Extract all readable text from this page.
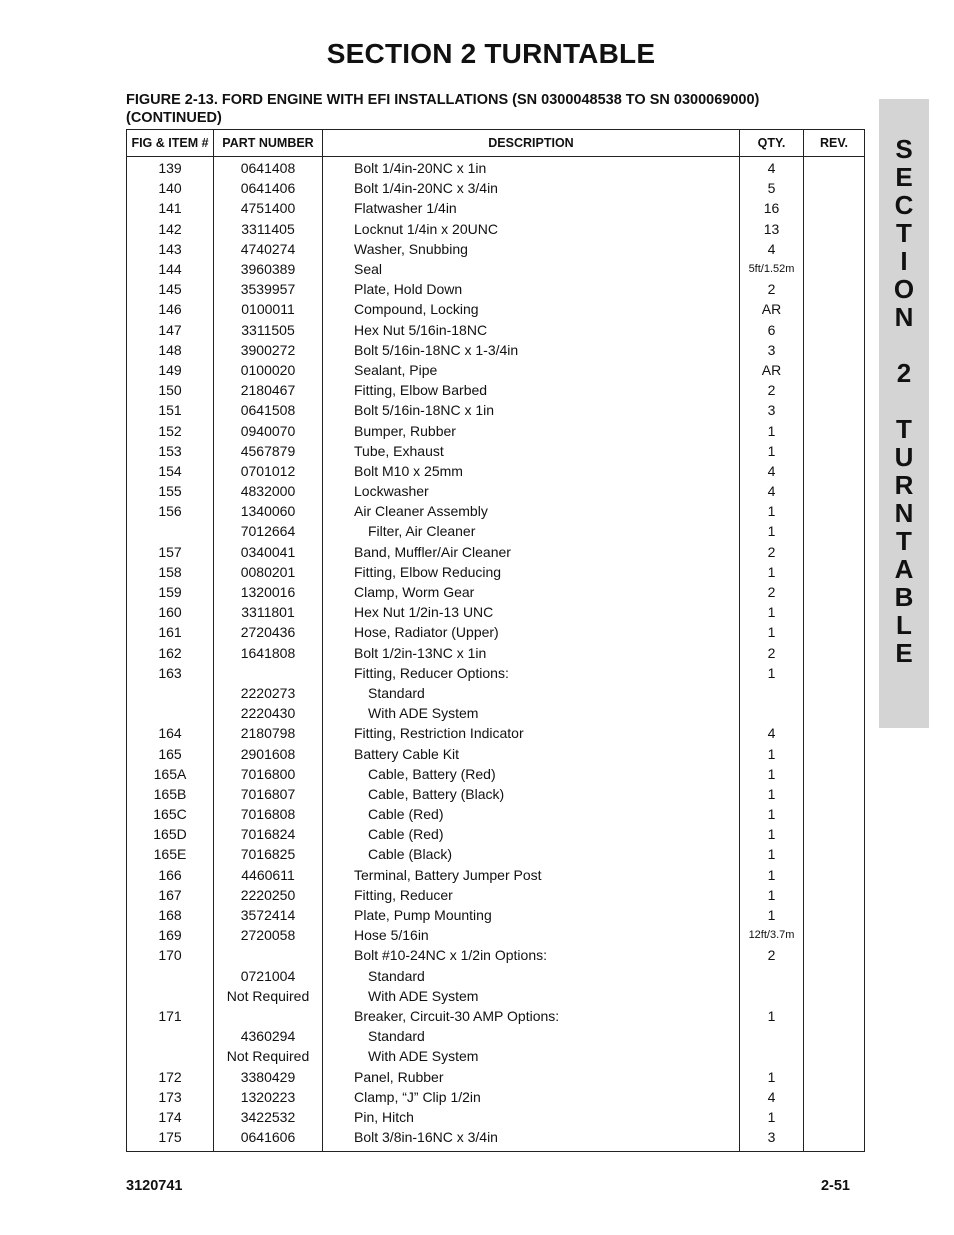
SECTION 2 TURNTABLE
FIGURE 2-13. FORD ENGINE WITH EFI INSTALLATIONS (SN 0300048538 TO SN 0300069000) (CONTINUED)
S
E
C
T
I
O
N
2
T
U
R
N
T
A
B
L
E
FIG & ITEM #	PART NUMBER	DESCRIPTION	QTY.	REV.
139	0641408	Bolt 1/4in-20NC x 1in	4	
140	0641406	Bolt 1/4in-20NC x 3/4in	5	
141	4751400	Flatwasher 1/4in	16	
142	3311405	Locknut 1/4in x 20UNC	13	
143	4740274	Washer, Snubbing	4	
144	3960389	Seal	5ft/1.52m	
145	3539957	Plate, Hold Down	2	
146	0100011	Compound, Locking	AR	
147	3311505	Hex Nut 5/16in-18NC	6	
148	3900272	Bolt 5/16in-18NC x 1-3/4in	3	
149	0100020	Sealant, Pipe	AR	
150	2180467	Fitting, Elbow Barbed	2	
151	0641508	Bolt 5/16in-18NC x 1in	3	
152	0940070	Bumper, Rubber	1	
153	4567879	Tube, Exhaust	1	
154	0701012	Bolt M10 x 25mm	4	
155	4832000	Lockwasher	4	
156	1340060	Air Cleaner Assembly	1	
	7012664	Filter, Air Cleaner	1	
157	0340041	Band, Muffler/Air Cleaner	2	
158	0080201	Fitting, Elbow Reducing	1	
159	1320016	Clamp, Worm Gear	2	
160	3311801	Hex Nut 1/2in-13 UNC	1	
161	2720436	Hose, Radiator (Upper)	1	
162	1641808	Bolt 1/2in-13NC x 1in	2	
163		Fitting, Reducer Options:	1	
	2220273	Standard		
	2220430	With ADE System		
164	2180798	Fitting, Restriction Indicator	4	
165	2901608	Battery Cable Kit	1	
165A	7016800	Cable, Battery (Red)	1	
165B	7016807	Cable, Battery (Black)	1	
165C	7016808	Cable (Red)	1	
165D	7016824	Cable (Red)	1	
165E	7016825	Cable (Black)	1	
166	4460611	Terminal, Battery Jumper Post	1	
167	2220250	Fitting, Reducer	1	
168	3572414	Plate, Pump Mounting	1	
169	2720058	Hose 5/16in	12ft/3.7m	
170		Bolt #10-24NC x 1/2in Options:	2	
	0721004	Standard		
	Not Required	With ADE System		
171		Breaker, Circuit-30 AMP Options:	1	
	4360294	Standard		
	Not Required	With ADE System		
172	3380429	Panel, Rubber	1	
173	1320223	Clamp, “J” Clip 1/2in	4	
174	3422532	Pin, Hitch	1	
175	0641606	Bolt 3/8in-16NC x 3/4in	3	
3120741	2-51
